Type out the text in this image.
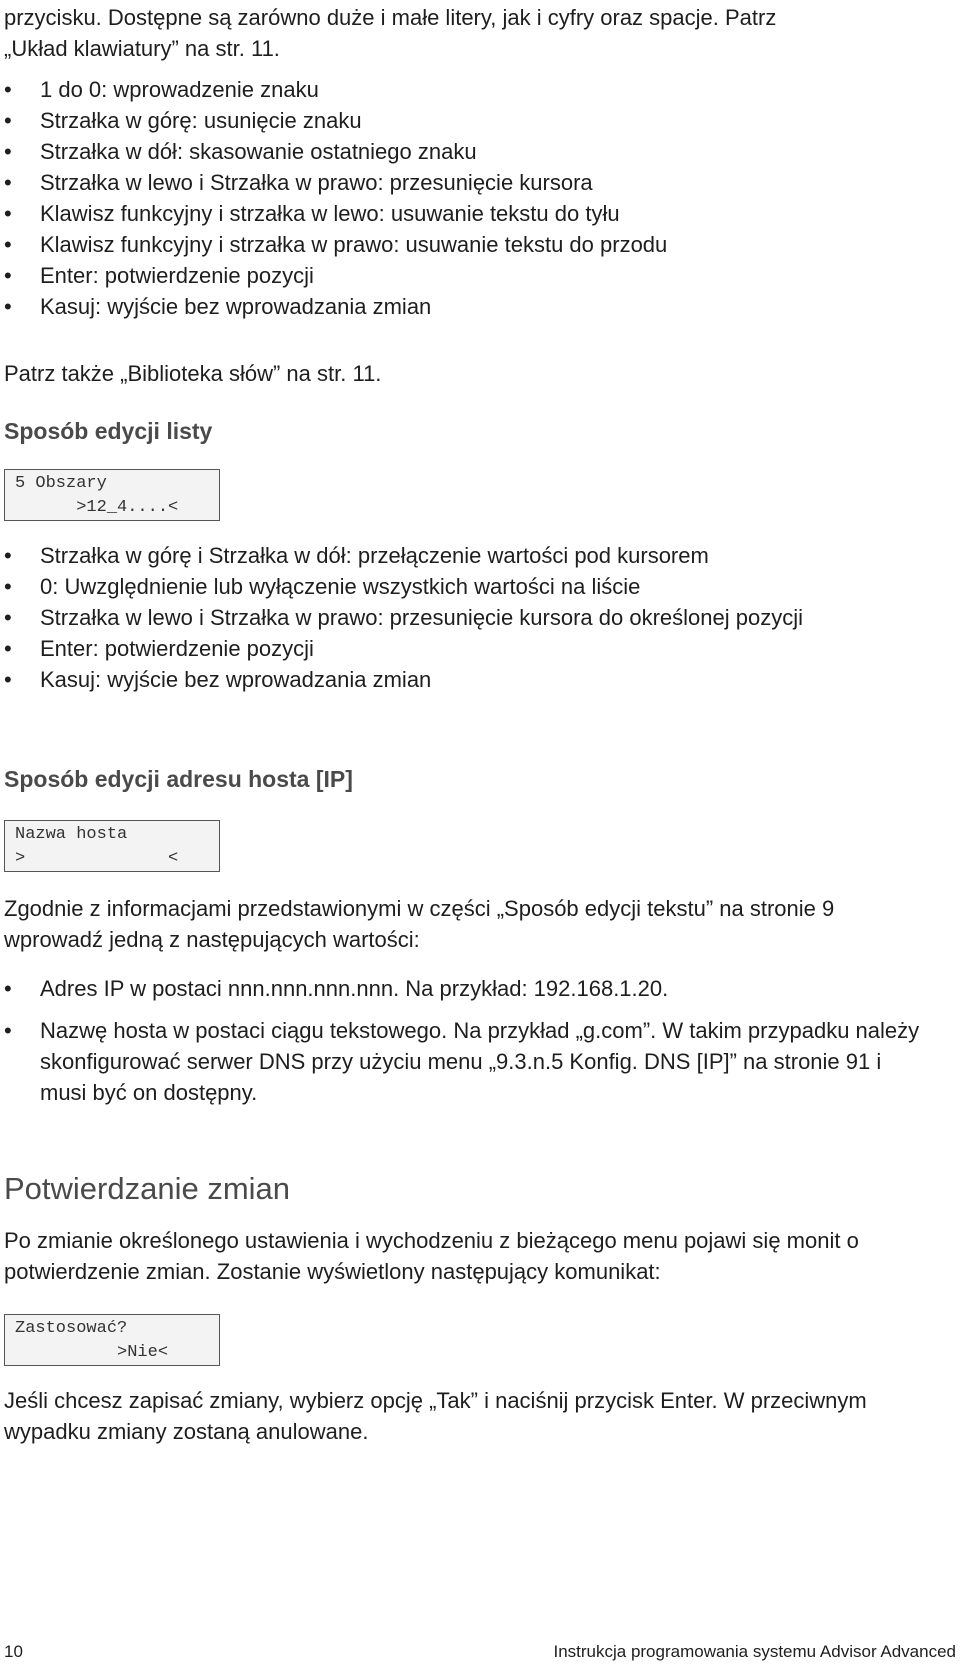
przycisku. Dostępne są zarówno duże i małe litery, jak i cyfry oraz spacje. Patrz
„Układ klawiatury” na str. 11.

• 1 do 0: wprowadzenie znaku
• Strzałka w górę: usunięcie znaku
• Strzałka w dół: skasowanie ostatniego znaku
• Strzałka w lewo i Strzałka w prawo: przesunięcie kursora
• Klawisz funkcyjny i strzałka w lewo: usuwanie tekstu do tyłu
• Klawisz funkcyjny i strzałka w prawo: usuwanie tekstu do przodu
• Enter: potwierdzenie pozycji
• Kasuj: wyjście bez wprowadzania zmian

Patrz także „Biblioteka słów” na str. 11.

Sposób edycji listy
5 Obszary
>12_4....<
• Strzałka w górę i Strzałka w dół: przełączenie wartości pod kursorem
• 0: Uwzględnienie lub wyłączenie wszystkich wartości na liście
• Strzałka w lewo i Strzałka w prawo: przesunięcie kursora do określonej pozycji
• Enter: potwierdzenie pozycji
• Kasuj: wyjście bez wprowadzania zmian
Sposób edycji adresu hosta [IP]
Nazwa hosta
>              <

Zgodnie z informacjami przedstawionymi w części „Sposób edycji tekstu” na stronie 9 wprowadź jedną z następujących wartości:

• Adres IP w postaci nnn.nnn.nnn.nnn. Na przykład: 192.168.1.20.
• Nazwę hosta w postaci ciągu tekstowego. Na przykład „g.com”. W takim przypadku należy skonfigurować serwer DNS przy użyciu menu „9.3.n.5 Konfig. DNS [IP]” na stronie 91 i musi być on dostępny.
Potwierdzanie zmian

Po zmianie określonego ustawienia i wychodzeniu z bieżącego menu pojawi się monit o potwierdzenie zmian. Zostanie wyświetlony następujący komunikat:

Zastosować?
>Nie<

Jeśli chcesz zapisać zmiany, wybierz opcję „Tak” i naciśnij przycisk Enter. W przeciwnym wypadku zmiany zostaną anulowane.

10	Instrukcja programowania systemu Advisor Advanced
